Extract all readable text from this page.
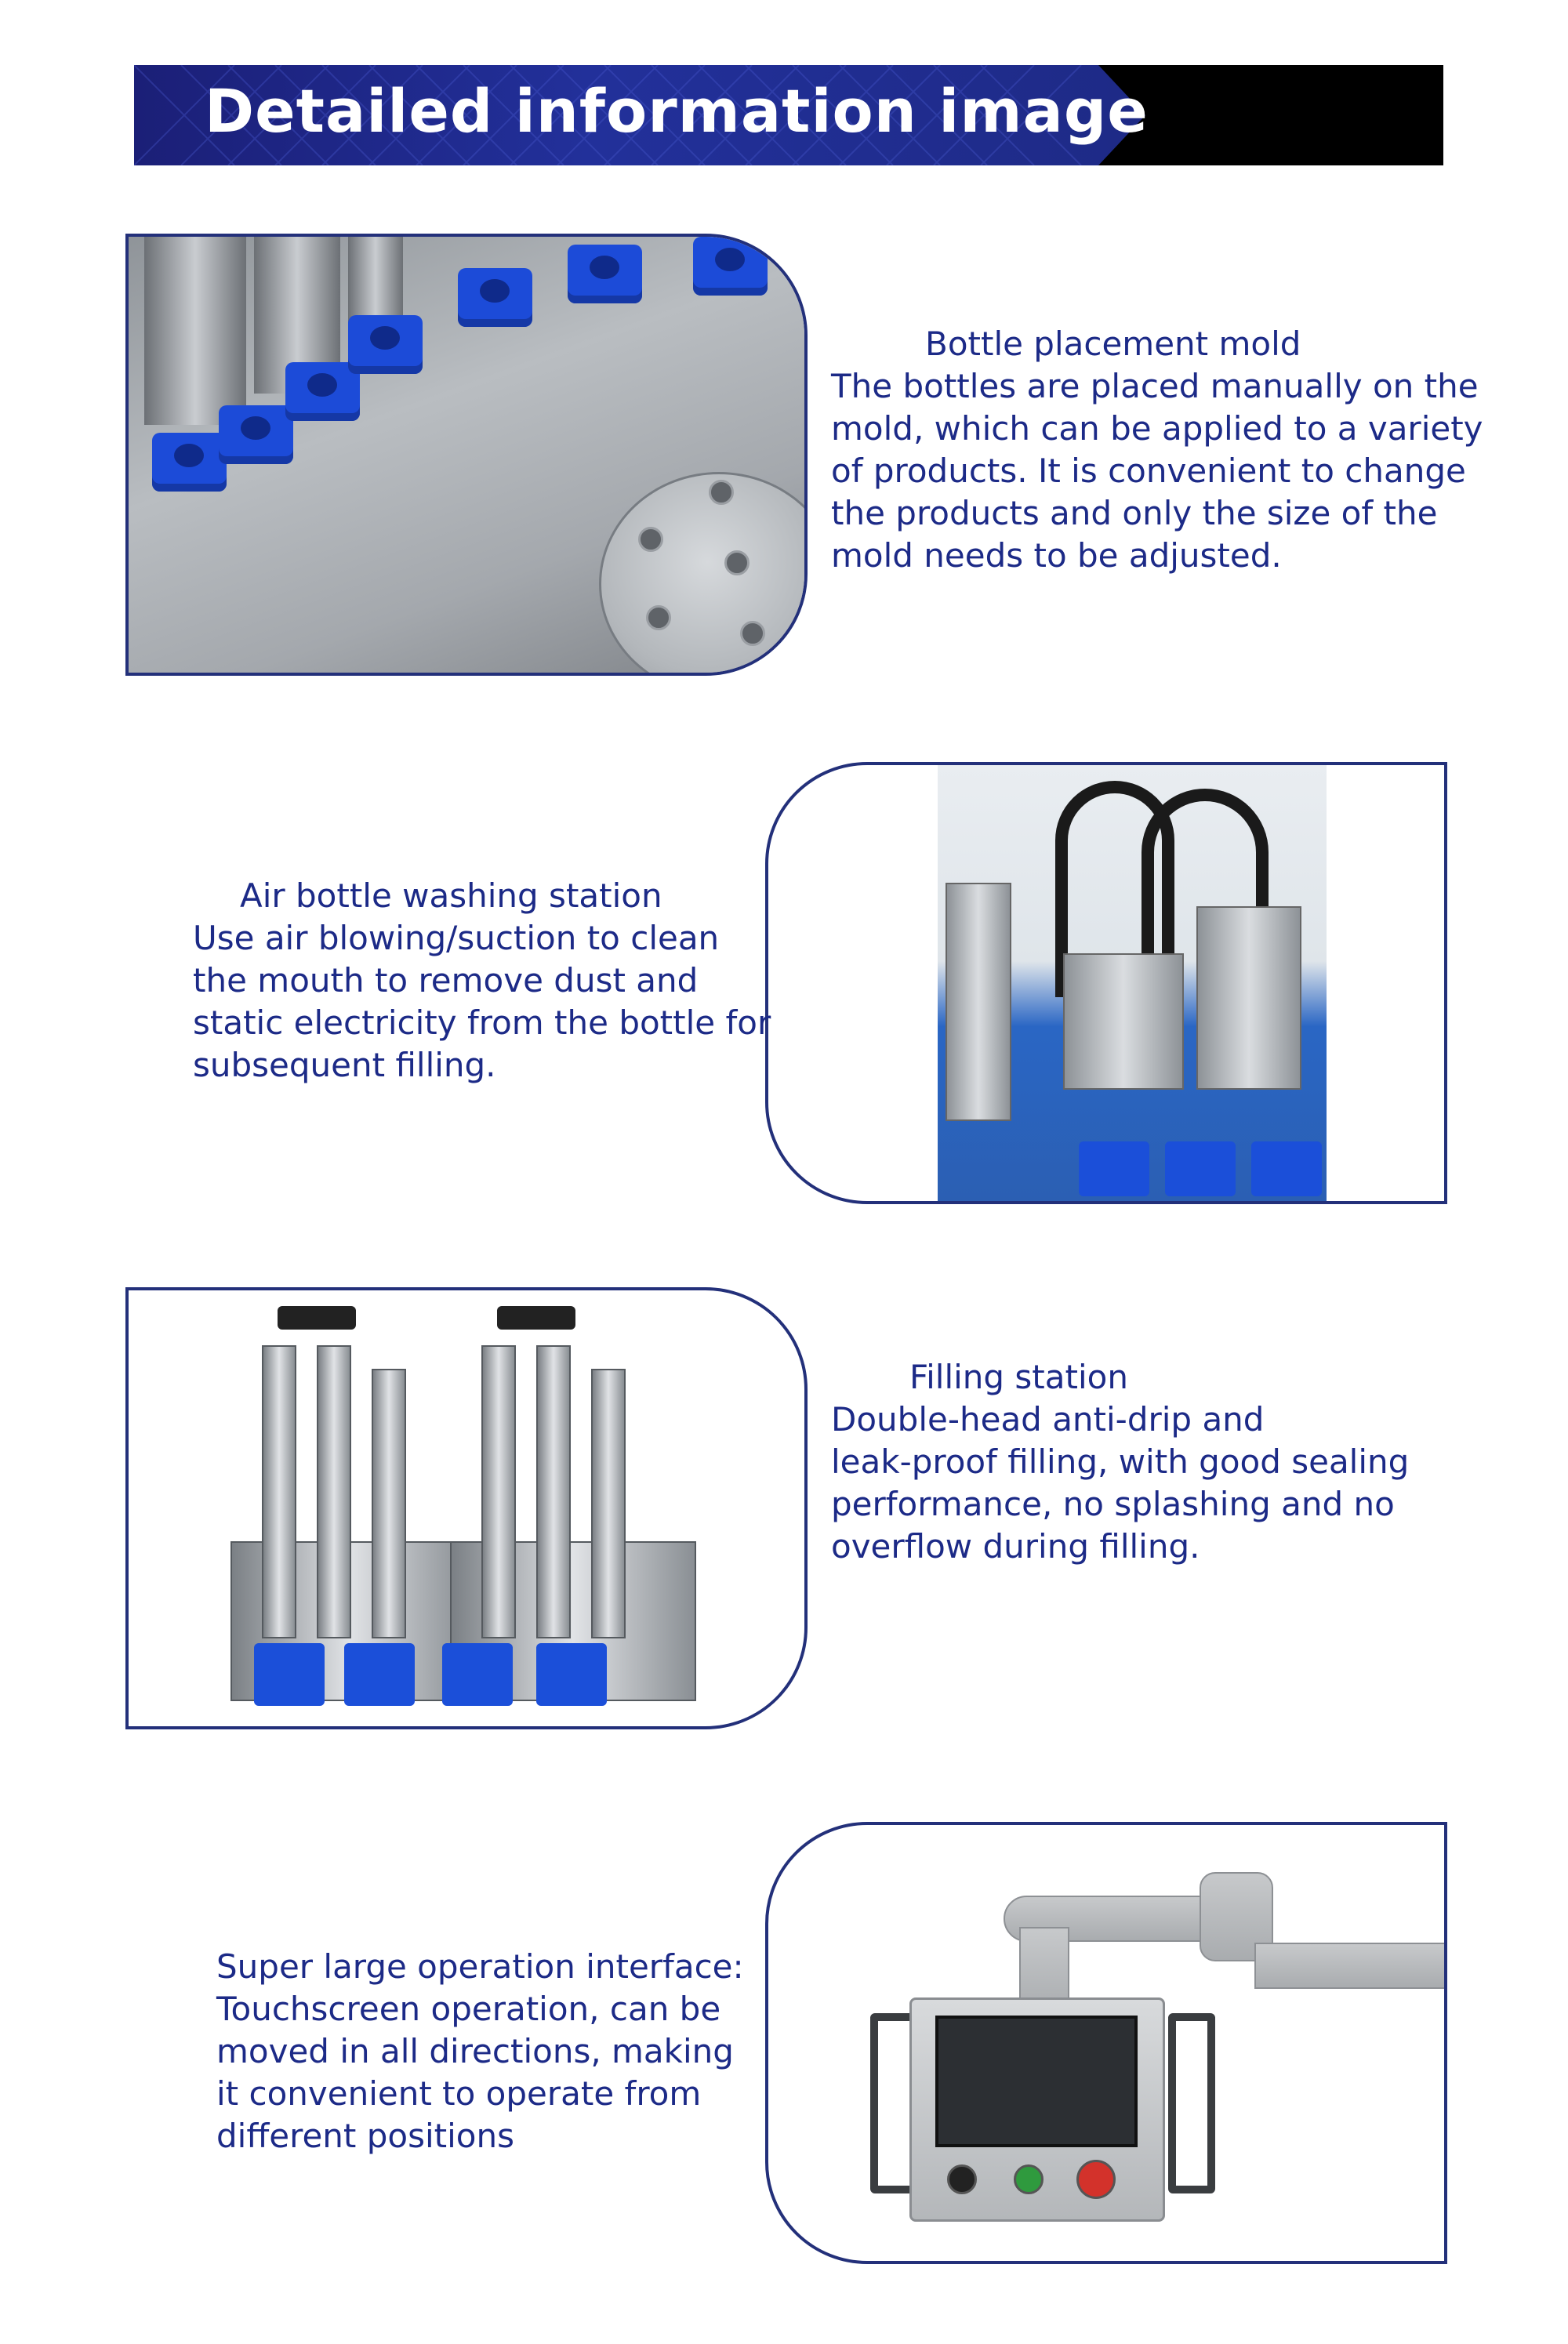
Detailed information image
Bottle placement mold
The bottles are placed manually on the
mold, which can be applied to a variety
of products. It is convenient to change
the products and only the size of the
mold needs to be adjusted.
Air bottle washing station
Use air blowing/suction to clean
the mouth to remove dust and
static electricity from the bottle for
subsequent filling.
Filling station
Double-head anti-drip and
leak-proof filling, with good sealing
performance, no splashing and no
overflow during filling.
Super large operation interface:
Touchscreen operation, can be
moved in all directions, making
it convenient to operate from
different positions
